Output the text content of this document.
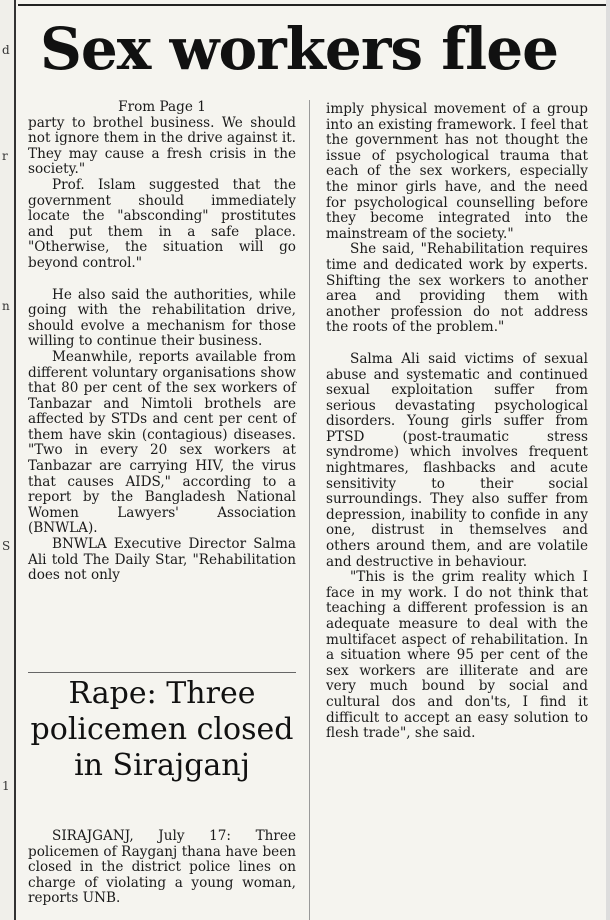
d
r
n
S
1
Sex workers flee

From Page 1

party to brothel business. We should not ignore them in the drive against it. They may cause a fresh crisis in the society."

Prof. Islam suggested that the government should immediately locate the "absconding" prostitutes and put them in a safe place. "Otherwise, the situation will go beyond control."

He also said the authorities, while going with the rehabilitation drive, should evolve a mechanism for those willing to continue their business.

Meanwhile, reports available from different voluntary organisations show that 80 per cent of the sex workers of Tanbazar and Nimtoli brothels are affected by STDs and cent per cent of them have skin (contagious) diseases. "Two in every 20 sex workers at Tanbazar are carrying HIV, the virus that causes AIDS," according to a report by the Bangladesh National Women Lawyers' Association (BNWLA).

BNWLA Executive Director Salma Ali told The Daily Star, "Rehabilitation does not only

imply physical movement of a group into an existing framework. I feel that the government has not thought the issue of psychological trauma that each of the sex workers, especially the minor girls have, and the need for psychological counselling before they become integrated into the mainstream of the society."

She said, "Rehabilitation requires time and dedicated work by experts. Shifting the sex workers to another area and providing them with another profession do not address the roots of the problem."

Salma Ali said victims of sexual abuse and systematic and continued sexual exploitation suffer from serious devastating psychological disorders. Young girls suffer from PTSD (post-traumatic stress syndrome) which involves frequent nightmares, flashbacks and acute sensitivity to their social surroundings. They also suffer from depression, inability to confide in any one, distrust in themselves and others around them, and are volatile and destructive in behaviour.

"This is the grim reality which I face in my work. I do not think that teaching a different profession is an adequate measure to deal with the multifacet aspect of rehabilitation. In a situation where 95 per cent of the sex workers are illiterate and are very much bound by social and cultural dos and don'ts, I find it difficult to accept an easy solution to flesh trade", she said.

Rape: Three policemen closed in Sirajganj

SIRAJGANJ, July 17: Three policemen of Rayganj thana have been closed in the district police lines on charge of violating a young woman, reports UNB.
